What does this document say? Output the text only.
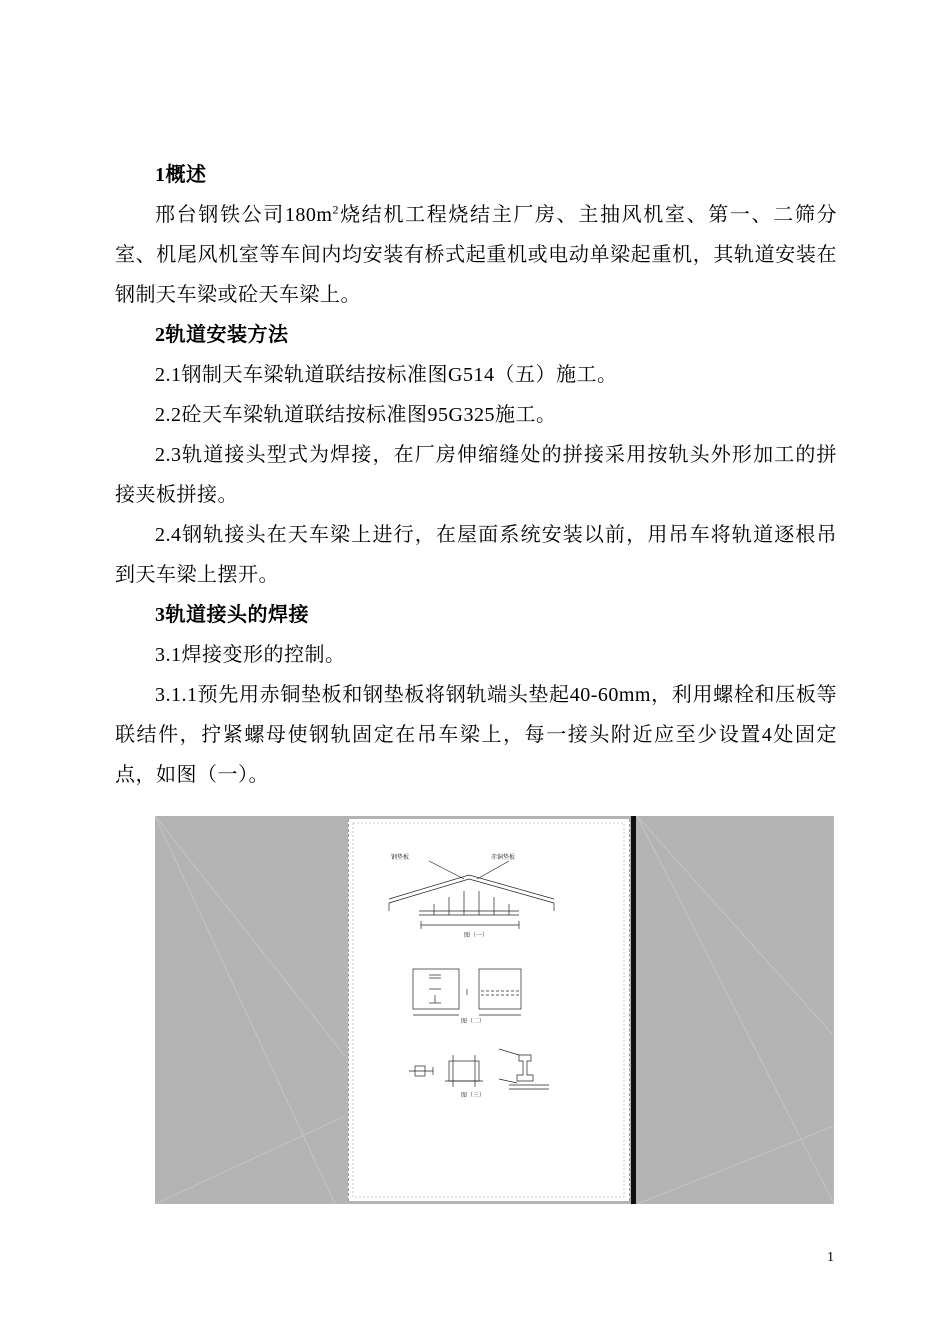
1概述

邢台钢铁公司$180m^2$烧结机工程烧结主厂房、主抽风机室、第一、二筛分室、机尾风机室等车间内均安装有桥式起重机或电动单梁起重机，其轨道安装在钢制天车梁或砼天车梁上。

2轨道安装方法

2.1钢制天车梁轨道联结按标准图G514（五）施工。

2.2砼天车梁轨道联结按标准图95G325施工。

2.3轨道接头型式为焊接，在厂房伸缩缝处的拼接采用按轨头外形加工的拼接夹板拼接。

2.4钢轨接头在天车梁上进行，在屋面系统安装以前，用吊车将轨道逐根吊到天车梁上摆开。

3轨道接头的焊接

3.1焊接变形的控制。

3.1.1预先用赤铜垫板和钢垫板将钢轨端头垫起40-60mm，利用螺栓和压板等联结件，拧紧螺母使钢轨固定在吊车梁上，每一接头附近应至少设置4处固定点，如图（一）。

钢垫板	赤铜垫板
图（一）
图（二）
图（三）
1
